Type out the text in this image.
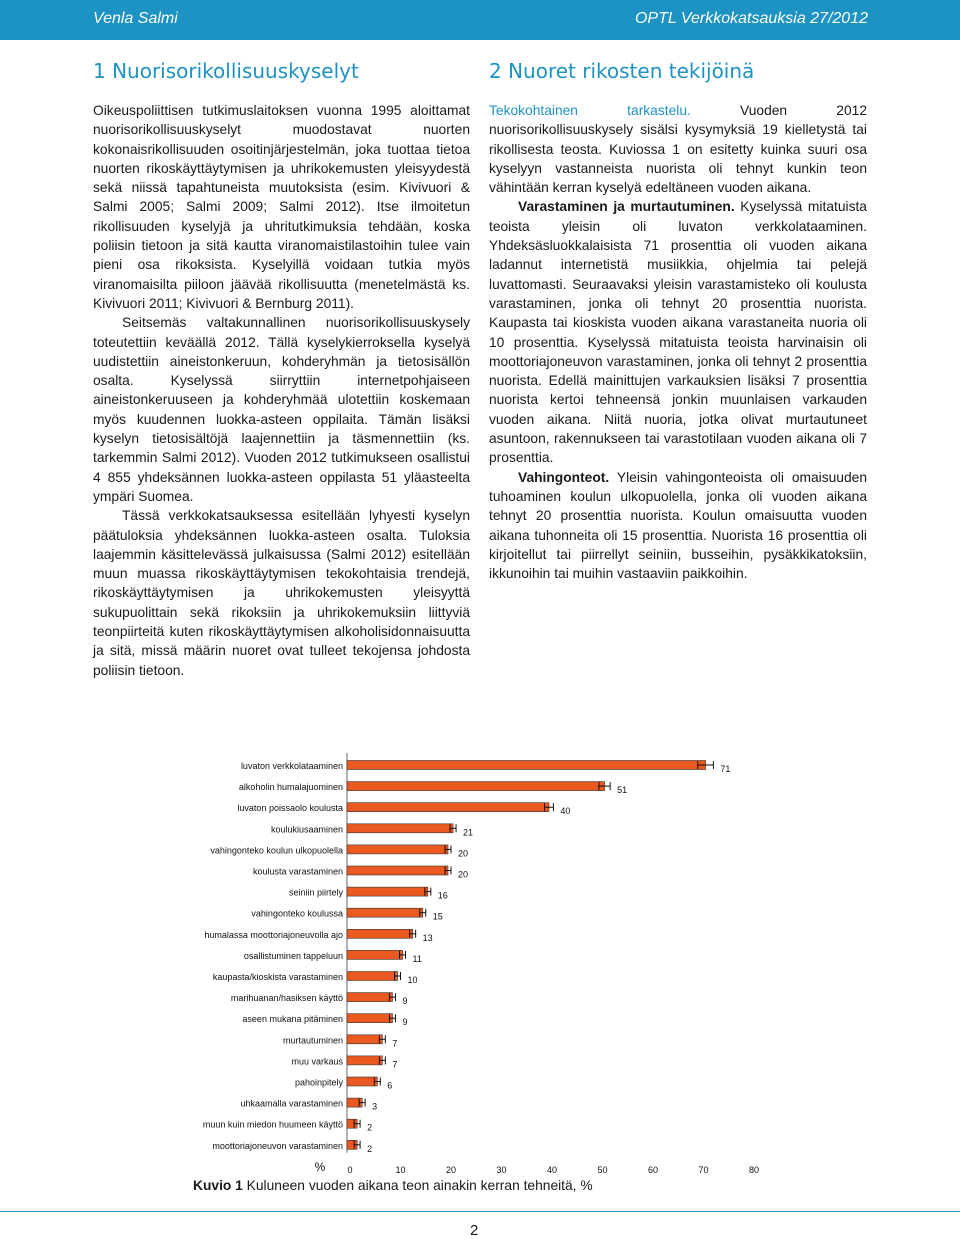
Venla Salmi	OPTL Verkkokatsauksia 27/2012
1 Nuorisorikollisuuskyselyt	2 Nuoret rikosten tekijöinä

Oikeuspoliittisen tutkimuslaitoksen vuonna 1995 aloittamat nuorisorikollisuuskyselyt muodostavat nuorten kokonaisrikollisuuden osoitinjärjestelmän, joka tuottaa tietoa nuorten rikoskäyttäytymisen ja uhrikokemusten yleisyydestä sekä niissä tapahtuneista muutoksista (esim. Kivivuori & Salmi 2005; Salmi 2009; Salmi 2012). Itse ilmoitetun rikollisuuden kyselyjä ja uhritutkimuksia tehdään, koska poliisin tietoon ja sitä kautta viranomaistilastoihin tulee vain pieni osa rikoksista. Kyselyillä voidaan tutkia myös viranomaisilta piiloon jäävää rikollisuutta (menetelmästä ks. Kivivuori 2011; Kivivuori & Bernburg 2011).

Seitsemäs valtakunnallinen nuorisorikollisuuskysely toteutettiin keväällä 2012. Tällä kyselykierroksella kyselyä uudistettiin aineistonkeruun, kohderyhmän ja tietosisällön osalta. Kyselyssä siirryttiin internetpohjaiseen aineistonkeruuseen ja kohderyhmää ulotettiin koskemaan myös kuudennen luokka-asteen oppilaita. Tämän lisäksi kyselyn tietosisältöjä laajennettiin ja täsmennettiin (ks. tarkemmin Salmi 2012). Vuoden 2012 tutkimukseen osallistui 4 855 yhdeksännen luokka-asteen oppilasta 51 yläasteelta ympäri Suomea.

Tässä verkkokatsauksessa esitellään lyhyesti kyselyn päätuloksia yhdeksännen luokka-asteen osalta. Tuloksia laajemmin käsittelevässä julkaisussa (Salmi 2012) esitellään muun muassa rikoskäyttäytymisen tekokohtaisia trendejä, rikoskäyttäytymisen ja uhrikokemusten yleisyyttä sukupuolittain sekä rikoksiin ja uhrikokemuksiin liittyviä teonpiirteitä kuten rikoskäyttäytymisen alkoholisidonnaisuutta ja sitä, missä määrin nuoret ovat tulleet tekojensa johdosta poliisin tietoon.

Tekokohtainen tarkastelu. Vuoden 2012 nuorisorikollisuuskysely sisälsi kysymyksiä 19 kielletystä tai rikollisesta teosta. Kuviossa 1 on esitetty kuinka suuri osa kyselyyn vastanneista nuorista oli tehnyt kunkin teon vähintään kerran kyselyä edeltäneen vuoden aikana.

Varastaminen ja murtautuminen. Kyselyssä mitatuista teoista yleisin oli luvaton verkkolataaminen. Yhdeksäsluokkalaisista 71 prosenttia oli vuoden aikana ladannut internetistä musiikkia, ohjelmia tai pelejä luvattomasti. Seuraavaksi yleisin varastamisteko oli koulusta varastaminen, jonka oli tehnyt 20 prosenttia nuorista. Kaupasta tai kioskista vuoden aikana varastaneita nuoria oli 10 prosenttia. Kyselyssä mitatuista teoista harvinaisin oli moottoriajoneuvon varastaminen, jonka oli tehnyt 2 prosenttia nuorista. Edellä mainittujen varkauksien lisäksi 7 prosenttia nuorista kertoi tehneensä jonkin muunlaisen varkauden vuoden aikana. Niitä nuoria, jotka olivat murtautuneet asuntoon, rakennukseen tai varastotilaan vuoden aikana oli 7 prosenttia.

Vahingonteot. Yleisin vahingonteoista oli omaisuuden tuhoaminen koulun ulkopuolella, jonka oli vuoden aikana tehnyt 20 prosenttia nuorista. Koulun omaisuutta vuoden aikana tuhonneita oli 15 prosenttia. Nuorista 16 prosenttia oli kirjoitellut tai piirrellyt seiniin, busseihin, pysäkkikatoksiin, ikkunoihin tai muihin vastaaviin paikkoihin.

71
luvaton verkkolataaminen
51
alkoholin humalajuominen
40
luvaton poissaolo koulusta
21
koulukiusaaminen
20
vahingonteko koulun ulkopuolella
20
koulusta varastaminen
16
seiniin piirtely
15
vahingonteko koulussa
13
humalassa moottoriajoneuvolla ajo
11
osallistuminen tappeluun
10
kaupasta/kioskista varastaminen
9
marihuanan/hasiksen käyttö
9
aseen mukana pitäminen
7
murtautuminen
7
muu varkaus
6
pahoinpitely
3
uhkaamalla varastaminen
2
muun kuin miedon huumeen käyttö
2
moottoriajoneuvon varastaminen
0	10	20	30	40	50	60	70	80
%
Kuvio 1 Kuluneen vuoden aikana teon ainakin kerran tehneitä, %
2
